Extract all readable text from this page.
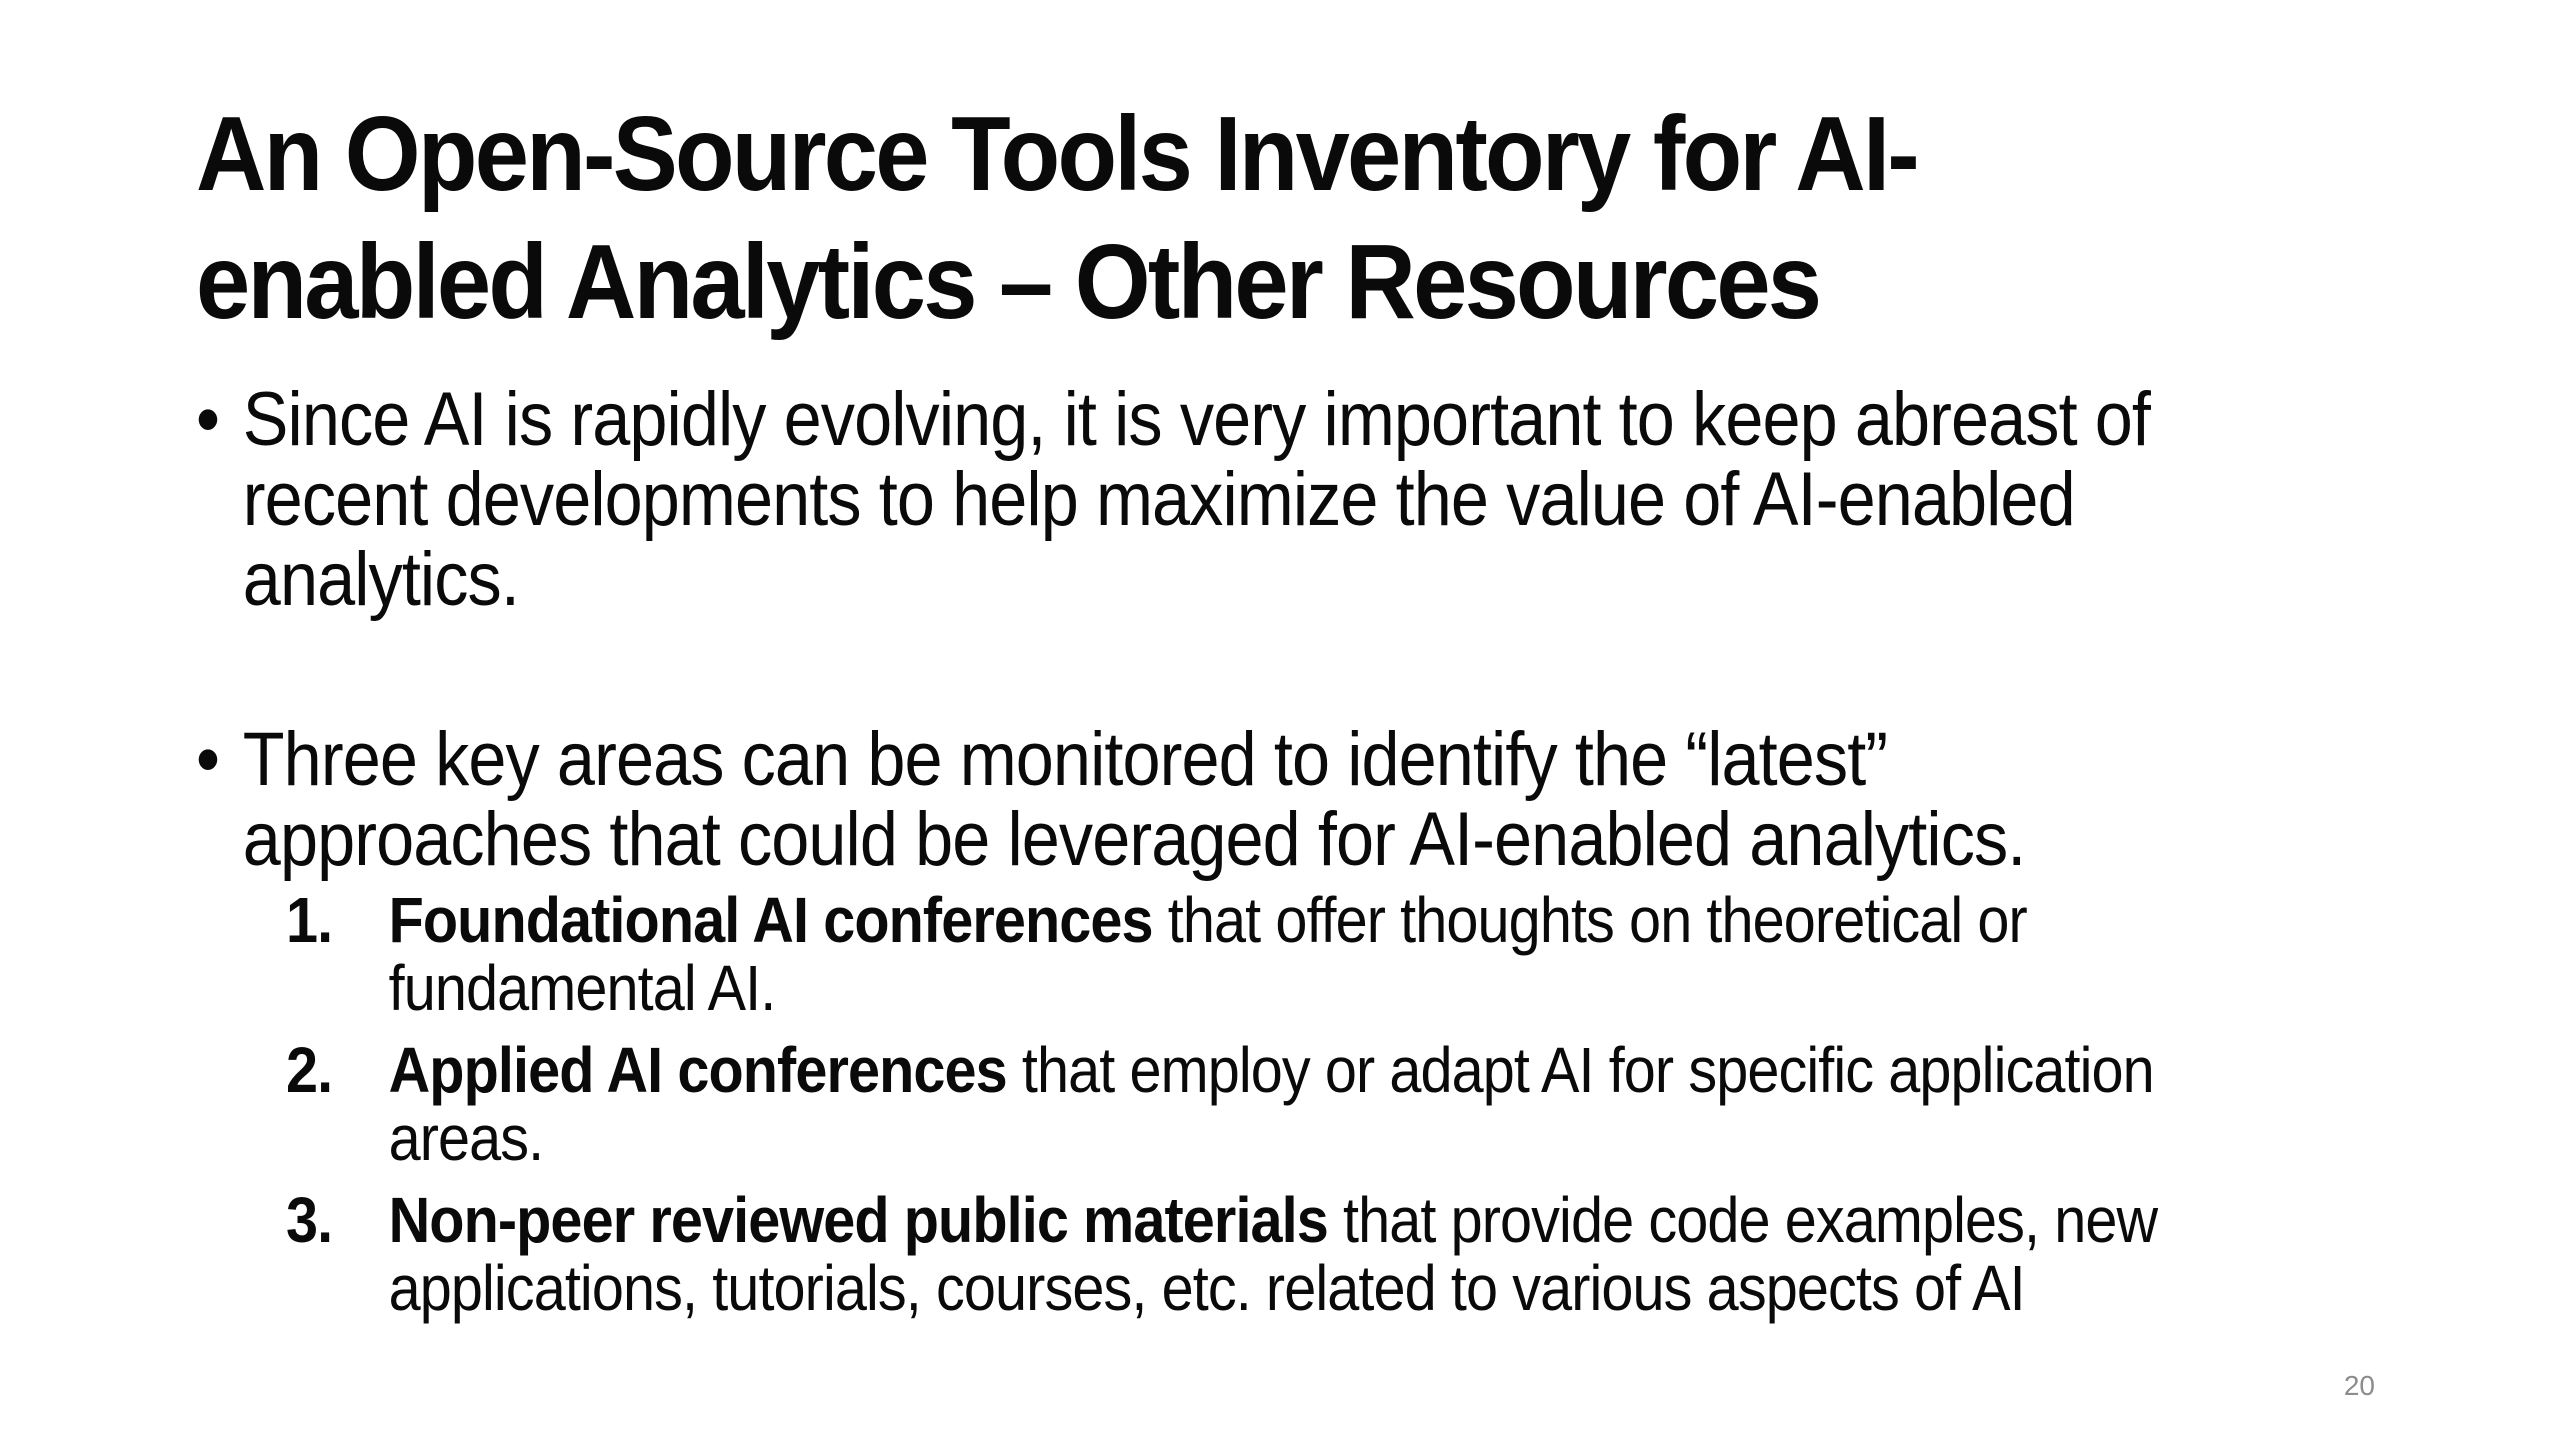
An Open-Source Tools Inventory for AI-enabled Analytics – Other Resources

• Since AI is rapidly evolving, it is very important to keep abreast of recent developments to help maximize the value of AI-enabled analytics.

• Three key areas can be monitored to identify the “latest” approaches that could be leveraged for AI-enabled analytics.

1. Foundational AI conferences that offer thoughts on theoretical or fundamental AI.
2. Applied AI conferences that employ or adapt AI for specific application areas.
3. Non-peer reviewed public materials that provide code examples, new applications, tutorials, courses, etc. related to various aspects of AI
20
